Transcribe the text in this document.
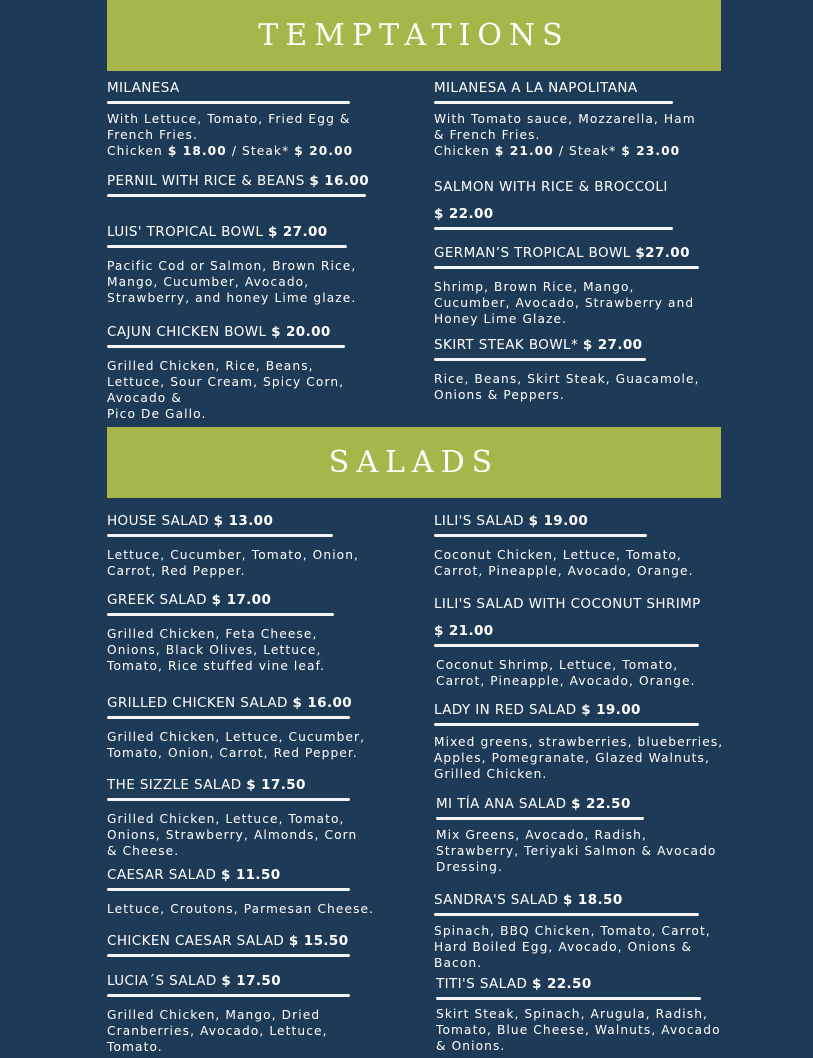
TEMPTATIONS
MILANESA
With Lettuce, Tomato, Fried Egg &
French Fries.
Chicken $ 18.00 / Steak* $ 20.00
PERNIL WITH RICE & BEANS $ 16.00
LUIS' TROPICAL BOWL $ 27.00
Pacific Cod or Salmon, Brown Rice,
Mango, Cucumber, Avocado,
Strawberry, and honey Lime glaze.
CAJUN CHICKEN BOWL $ 20.00
Grilled Chicken, Rice, Beans,
Lettuce, Sour Cream, Spicy Corn,
Avocado &
Pico De Gallo.
MILANESA A LA NAPOLITANA
With Tomato sauce, Mozzarella, Ham
& French Fries.
Chicken $ 21.00 / Steak* $ 23.00
SALMON WITH RICE & BROCCOLI
$ 22.00
GERMAN’S TROPICAL BOWL $27.00
Shrimp, Brown Rice, Mango,
Cucumber, Avocado, Strawberry and
Honey Lime Glaze.
SKIRT STEAK BOWL* $ 27.00
Rice, Beans, Skirt Steak, Guacamole,
Onions & Peppers.
SALADS
HOUSE SALAD $ 13.00
Lettuce, Cucumber, Tomato, Onion,
Carrot, Red Pepper.
GREEK SALAD $ 17.00
Grilled Chicken, Feta Cheese,
Onions, Black Olives, Lettuce,
Tomato, Rice stuffed vine leaf.
GRILLED CHICKEN SALAD $ 16.00
Grilled Chicken, Lettuce, Cucumber,
Tomato, Onion, Carrot, Red Pepper.
THE SIZZLE SALAD $ 17.50
Grilled Chicken, Lettuce, Tomato,
Onions, Strawberry, Almonds, Corn
& Cheese.
CAESAR SALAD $ 11.50
Lettuce, Croutons, Parmesan Cheese.
CHICKEN CAESAR SALAD $ 15.50
LUCIA´S SALAD $ 17.50
Grilled Chicken, Mango, Dried
Cranberries, Avocado, Lettuce,
Tomato.
LILI'S SALAD $ 19.00
Coconut Chicken, Lettuce, Tomato,
Carrot, Pineapple, Avocado, Orange.
LILI'S SALAD WITH COCONUT SHRIMP
$ 21.00
Coconut Shrimp, Lettuce, Tomato,
Carrot, Pineapple, Avocado, Orange.
LADY IN RED SALAD $ 19.00
Mixed greens, strawberries, blueberries,
Apples, Pomegranate, Glazed Walnuts,
Grilled Chicken.
MI TÍA ANA SALAD $ 22.50
Mix Greens, Avocado, Radish,
Strawberry, Teriyaki Salmon & Avocado
Dressing.
SANDRA'S SALAD $ 18.50
Spinach, BBQ Chicken, Tomato, Carrot,
Hard Boiled Egg, Avocado, Onions &
Bacon.
TITI'S SALAD $ 22.50
Skirt Steak, Spinach, Arugula, Radish,
Tomato, Blue Cheese, Walnuts, Avocado
& Onions.
